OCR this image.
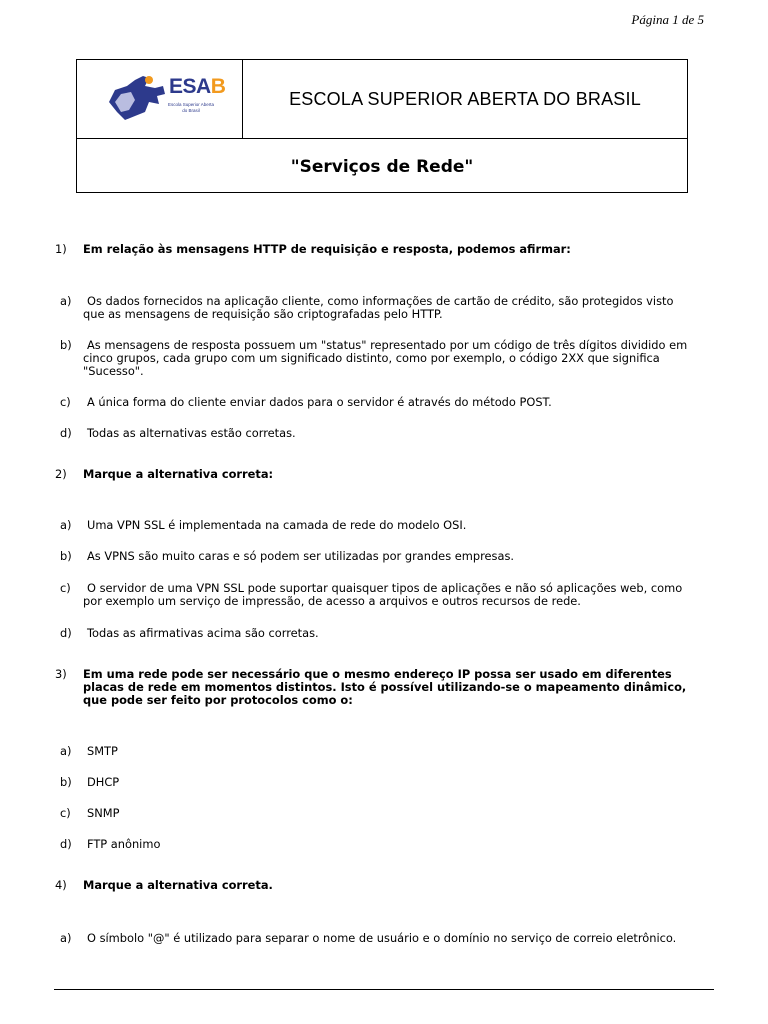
Página 1 de 5
ESAB
Escola Superior Aberta do Brasil
ESCOLA SUPERIOR ABERTA DO BRASIL
"Serviços de Rede"
1) Em relação às mensagens HTTP de requisição e resposta, podemos afirmar:
a)	Os dados fornecidos na aplicação cliente, como informações de cartão de crédito, são protegidos visto que as mensagens de requisição são criptografadas pelo HTTP.
b)	As mensagens de resposta possuem um "status" representado por um código de três dígitos dividido em cinco grupos, cada grupo com um significado distinto, como por exemplo, o código 2XX que significa "Sucesso".
c)	A única forma do cliente enviar dados para o servidor é através do método POST.
d)	Todas as alternativas estão corretas.
2) Marque a alternativa correta:
a)	Uma VPN SSL é implementada na camada de rede do modelo OSI.
b)	As VPNS são muito caras e só podem ser utilizadas por grandes empresas.
c)	O servidor de uma VPN SSL pode suportar quaisquer tipos de aplicações e não só aplicações web, como por exemplo um serviço de impressão, de acesso a arquivos e outros recursos de rede.
d)	Todas as afirmativas acima são corretas.
3) Em uma rede pode ser necessário que o mesmo endereço IP possa ser usado em diferentes placas de rede em momentos distintos. Isto é possível utilizando-se o mapeamento dinâmico, que pode ser feito por protocolos como o:
a)	SMTP
b)	DHCP
c)	SNMP
d)	FTP anônimo
4) Marque a alternativa correta.
a)	O símbolo "@" é utilizado para separar o nome de usuário e o domínio no serviço de correio eletrônico.
